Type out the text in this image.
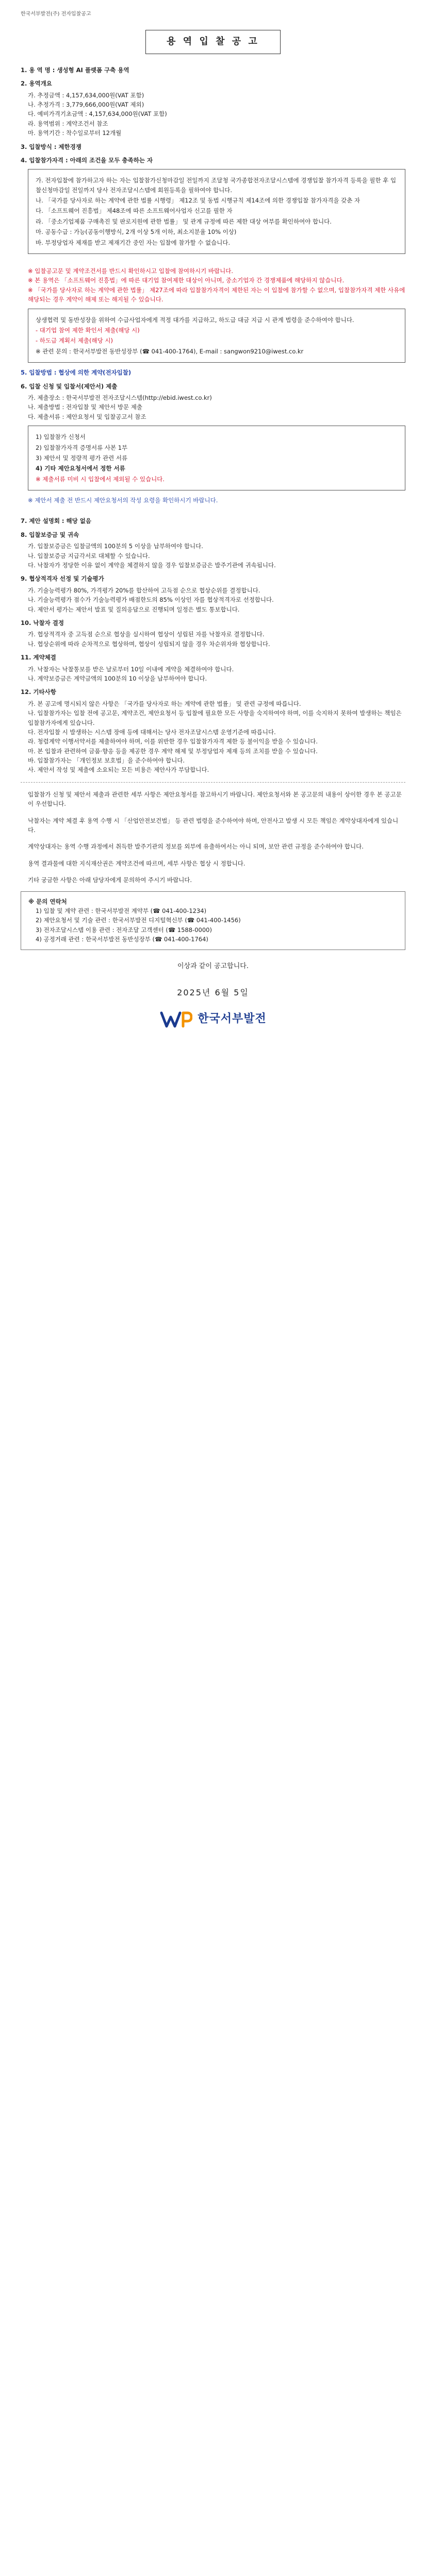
한국서부발전(주) 전자입찰공고
용 역 입 찰 공 고
1. 용 역 명 : 생성형 AI 플랫폼 구축 용역
2. 용역개요
가. 추정금액 : 4,157,634,000원(VAT 포함)
나. 추정가격 : 3,779,666,000원(VAT 제외)
다. 예비가격기초금액 : 4,157,634,000원(VAT 포함)
라. 용역범위 : 계약조건서 참조
마. 용역기간 : 착수일로부터 12개월
3. 입찰방식 : 제한경쟁
4. 입찰참가자격 : 아래의 조건을 모두 충족하는 자

가. 전자입찰에 참가하고자 하는 자는 입찰참가신청마감일 전일까지 조달청 국가종합전자조달시스템에 경쟁입찰 참가자격 등록을 필한 후 입찰신청마감일 전일까지 당사 전자조달시스템에 회원등록을 필하여야 합니다.

나. 「국가를 당사자로 하는 계약에 관한 법률 시행령」 제12조 및 동법 시행규칙 제14조에 의한 경쟁입찰 참가자격을 갖춘 자

다. 「소프트웨어 진흥법」 제48조에 따른 소프트웨어사업자 신고를 필한 자

라. 「중소기업제품 구매촉진 및 판로지원에 관한 법률」 및 관계 규정에 따른 제한 대상 여부를 확인하여야 합니다.

마. 공동수급 : 가능(공동이행방식, 2개 이상 5개 이하, 최소지분율 10% 이상)

바. 부정당업자 제재를 받고 제재기간 중인 자는 입찰에 참가할 수 없습니다.

※ 입찰공고문 및 계약조건서를 반드시 확인하시고 입찰에 참여하시기 바랍니다.
※ 본 용역은 「소프트웨어 진흥법」에 따른 대기업 참여제한 대상이 아니며, 중소기업자 간 경쟁제품에 해당하지 않습니다.
※ 「국가를 당사자로 하는 계약에 관한 법률」 제27조에 따라 입찰참가자격이 제한된 자는 이 입찰에 참가할 수 없으며, 입찰참가자격 제한 사유에 해당되는 경우 계약이 해제 또는 해지될 수 있습니다.

상생협력 및 동반성장을 위하여 수급사업자에게 적정 대가를 지급하고, 하도급 대금 지급 시 관계 법령을 준수하여야 합니다.

- 대기업 참여 제한 확인서 제출(해당 시)

- 하도급 계획서 제출(해당 시)

※ 관련 문의 : 한국서부발전 동반성장부 (☎ 041-400-1764), E-mail : sangwon9210@iwest.co.kr

5. 입찰방법 : 협상에 의한 계약(전자입찰)
6. 입찰 신청 및 입찰서(제안서) 제출
가. 제출장소 : 한국서부발전 전자조달시스템(http://ebid.iwest.co.kr)
나. 제출방법 : 전자입찰 및 제안서 방문 제출
다. 제출서류 : 제안요청서 및 입찰공고서 참조

1) 입찰참가 신청서

2) 입찰참가자격 증명서류 사본 1부

3) 제안서 및 정량적 평가 관련 서류

4) 기타 제안요청서에서 정한 서류

※ 제출서류 미비 시 입찰에서 제외될 수 있습니다.

※ 제안서 제출 전 반드시 제안요청서의 작성 요령을 확인하시기 바랍니다.
7. 제안 설명회 : 해당 없음
8. 입찰보증금 및 귀속
가. 입찰보증금은 입찰금액의 100분의 5 이상을 납부하여야 합니다.
나. 입찰보증금 지급각서로 대체할 수 있습니다.
다. 낙찰자가 정당한 이유 없이 계약을 체결하지 않을 경우 입찰보증금은 발주기관에 귀속됩니다.
9. 협상적격자 선정 및 기술평가
가. 기술능력평가 80%, 가격평가 20%를 합산하여 고득점 순으로 협상순위를 결정합니다.
나. 기술능력평가 점수가 기술능력평가 배점한도의 85% 이상인 자를 협상적격자로 선정합니다.
다. 제안서 평가는 제안서 발표 및 질의응답으로 진행되며 일정은 별도 통보합니다.
10. 낙찰자 결정
가. 협상적격자 중 고득점 순으로 협상을 실시하여 협상이 성립된 자를 낙찰자로 결정합니다.
나. 협상순위에 따라 순차적으로 협상하며, 협상이 성립되지 않을 경우 차순위자와 협상합니다.
11. 계약체결
가. 낙찰자는 낙찰통보를 받은 날로부터 10일 이내에 계약을 체결하여야 합니다.
나. 계약보증금은 계약금액의 100분의 10 이상을 납부하여야 합니다.
12. 기타사항
가. 본 공고에 명시되지 않은 사항은 「국가를 당사자로 하는 계약에 관한 법률」 및 관련 규정에 따릅니다.
나. 입찰참가자는 입찰 전에 공고문, 계약조건, 제안요청서 등 입찰에 필요한 모든 사항을 숙지하여야 하며, 이를 숙지하지 못하여 발생하는 책임은 입찰참가자에게 있습니다.
다. 전자입찰 시 발생하는 시스템 장애 등에 대해서는 당사 전자조달시스템 운영기준에 따릅니다.
라. 청렴계약 이행서약서를 제출하여야 하며, 이를 위반한 경우 입찰참가자격 제한 등 불이익을 받을 수 있습니다.
마. 본 입찰과 관련하여 금품·향응 등을 제공한 경우 계약 해제 및 부정당업자 제재 등의 조치를 받을 수 있습니다.
바. 입찰참가자는 「개인정보 보호법」을 준수하여야 합니다.
사. 제안서 작성 및 제출에 소요되는 모든 비용은 제안사가 부담합니다.
입찰참가 신청 및 제안서 제출과 관련한 세부 사항은 제안요청서를 참고하시기 바랍니다. 제안요청서와 본 공고문의 내용이 상이한 경우 본 공고문이 우선합니다.
낙찰자는 계약 체결 후 용역 수행 시 「산업안전보건법」 등 관련 법령을 준수하여야 하며, 안전사고 발생 시 모든 책임은 계약상대자에게 있습니다.
계약상대자는 용역 수행 과정에서 취득한 발주기관의 정보를 외부에 유출하여서는 아니 되며, 보안 관련 규정을 준수하여야 합니다.
용역 결과물에 대한 지식재산권은 계약조건에 따르며, 세부 사항은 협상 시 정합니다.
기타 궁금한 사항은 아래 담당자에게 문의하여 주시기 바랍니다.

※ 문의 연락처

1) 입찰 및 계약 관련 : 한국서부발전 계약부 (☎ 041-400-1234)

2) 제안요청서 및 기술 관련 : 한국서부발전 디지털혁신부 (☎ 041-400-1456)

3) 전자조달시스템 이용 관련 : 전자조달 고객센터 (☎ 1588-0000)

4) 공정거래 관련 : 한국서부발전 동반성장부 (☎ 041-400-1764)

이상과 같이 공고합니다.
2025년 6월 5일
한국서부발전
